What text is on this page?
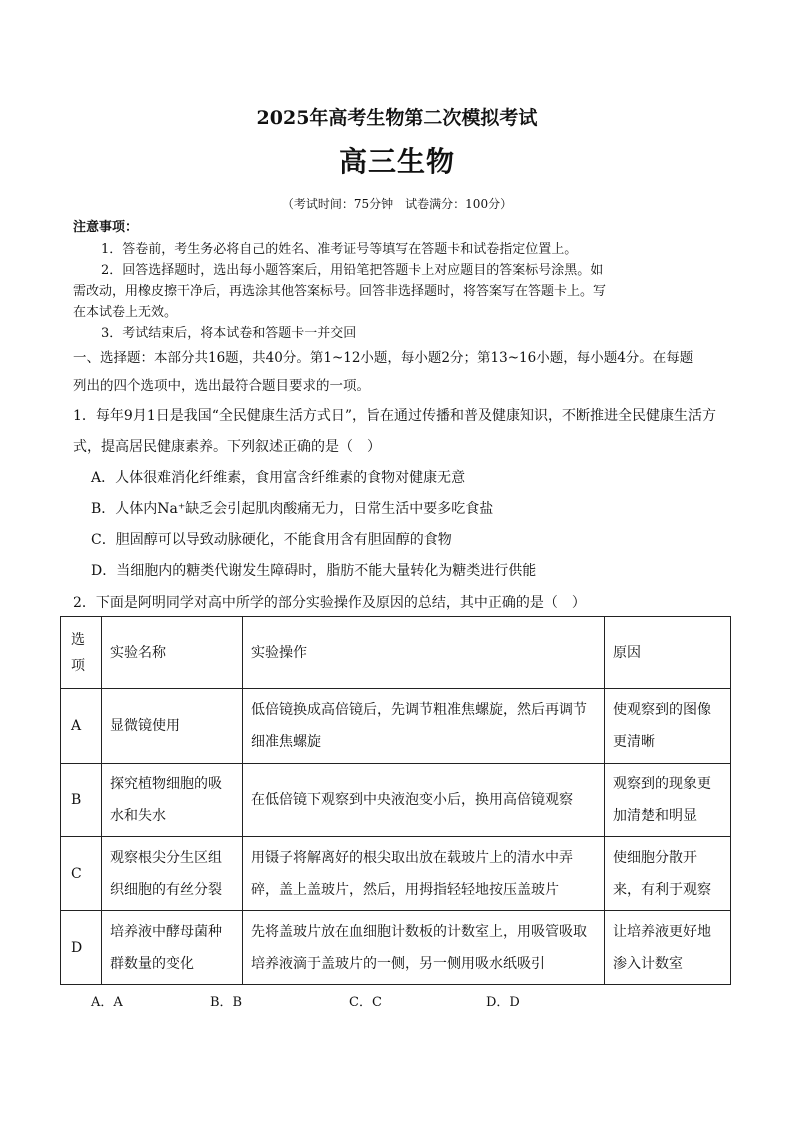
2025年高考生物第二次模拟考试
高三生物
（考试时间：75分钟　试卷满分：100分）
注意事项：
1．答卷前，考生务必将自己的姓名、准考证号等填写在答题卡和试卷指定位置上。
2．回答选择题时，选出每小题答案后，用铅笔把答题卡上对应题目的答案标号涂黑。如
需改动，用橡皮擦干净后，再选涂其他答案标号。回答非选择题时，将答案写在答题卡上。写
在本试卷上无效。
3．考试结束后，将本试卷和答题卡一并交回
一、选择题：本部分共16题，共40分。第1~12小题，每小题2分；第13~16小题，每小题4分。在每题
列出的四个选项中，选出最符合题目要求的一项。
1．每年9月1日是我国“全民健康生活方式日”，旨在通过传播和普及健康知识，不断推进全民健康生活方
式，提高居民健康素养。下列叙述正确的是（　）
A．人体很难消化纤维素，食用富含纤维素的食物对健康无意
B．人体内Na⁺缺乏会引起肌肉酸痛无力，日常生活中要多吃食盐
C．胆固醇可以导致动脉硬化，不能食用含有胆固醇的食物
D．当细胞内的糖类代谢发生障碍时，脂肪不能大量转化为糖类进行供能
2．下面是阿明同学对高中所学的部分实验操作及原因的总结，其中正确的是（　）
选项	实验名称	实验操作	原因
A	显微镜使用	低倍镜换成高倍镜后，先调节粗准焦螺旋，然后再调节细准焦螺旋	使观察到的图像更清晰
B	探究植物细胞的吸水和失水	在低倍镜下观察到中央液泡变小后，换用高倍镜观察	观察到的现象更加清楚和明显
C	观察根尖分生区组织细胞的有丝分裂	用镊子将解离好的根尖取出放在载玻片上的清水中弄碎，盖上盖玻片，然后，用拇指轻轻地按压盖玻片	使细胞分散开来，有利于观察
D	培养液中酵母菌种群数量的变化	先将盖玻片放在血细胞计数板的计数室上，用吸管吸取培养液滴于盖玻片的一侧，另一侧用吸水纸吸引	让培养液更好地渗入计数室
A．A	B．B	C．C	D．D
